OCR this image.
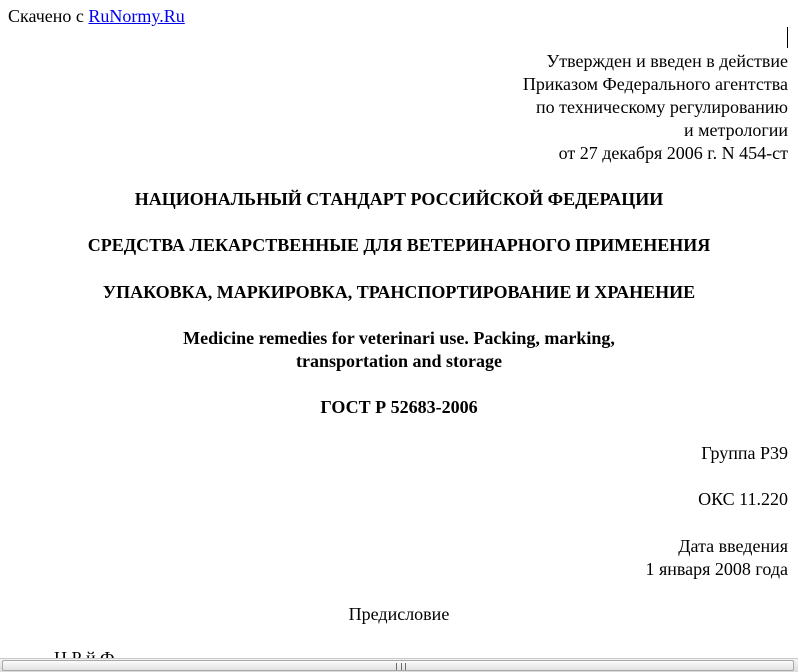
Скачено с RuNormy.Ru
Утвержден и введен в действие
Приказом Федерального агентства
по техническому регулированию
и метрологии
от 27 декабря 2006 г. N 454-ст
НАЦИОНАЛЬНЫЙ СТАНДАРТ РОССИЙСКОЙ ФЕДЕРАЦИИ
СРЕДСТВА ЛЕКАРСТВЕННЫЕ ДЛЯ ВЕТЕРИНАРНОГО ПРИМЕНЕНИЯ
УПАКОВКА, МАРКИРОВКА, ТРАНСПОРТИРОВАНИЕ И ХРАНЕНИЕ
Medicine remedies for veterinari use. Packing, marking,
transportation and storage
ГОСТ Р 52683-2006
Группа Р39
ОКС 11.220
Дата введения
1 января 2008 года
Предисловие
